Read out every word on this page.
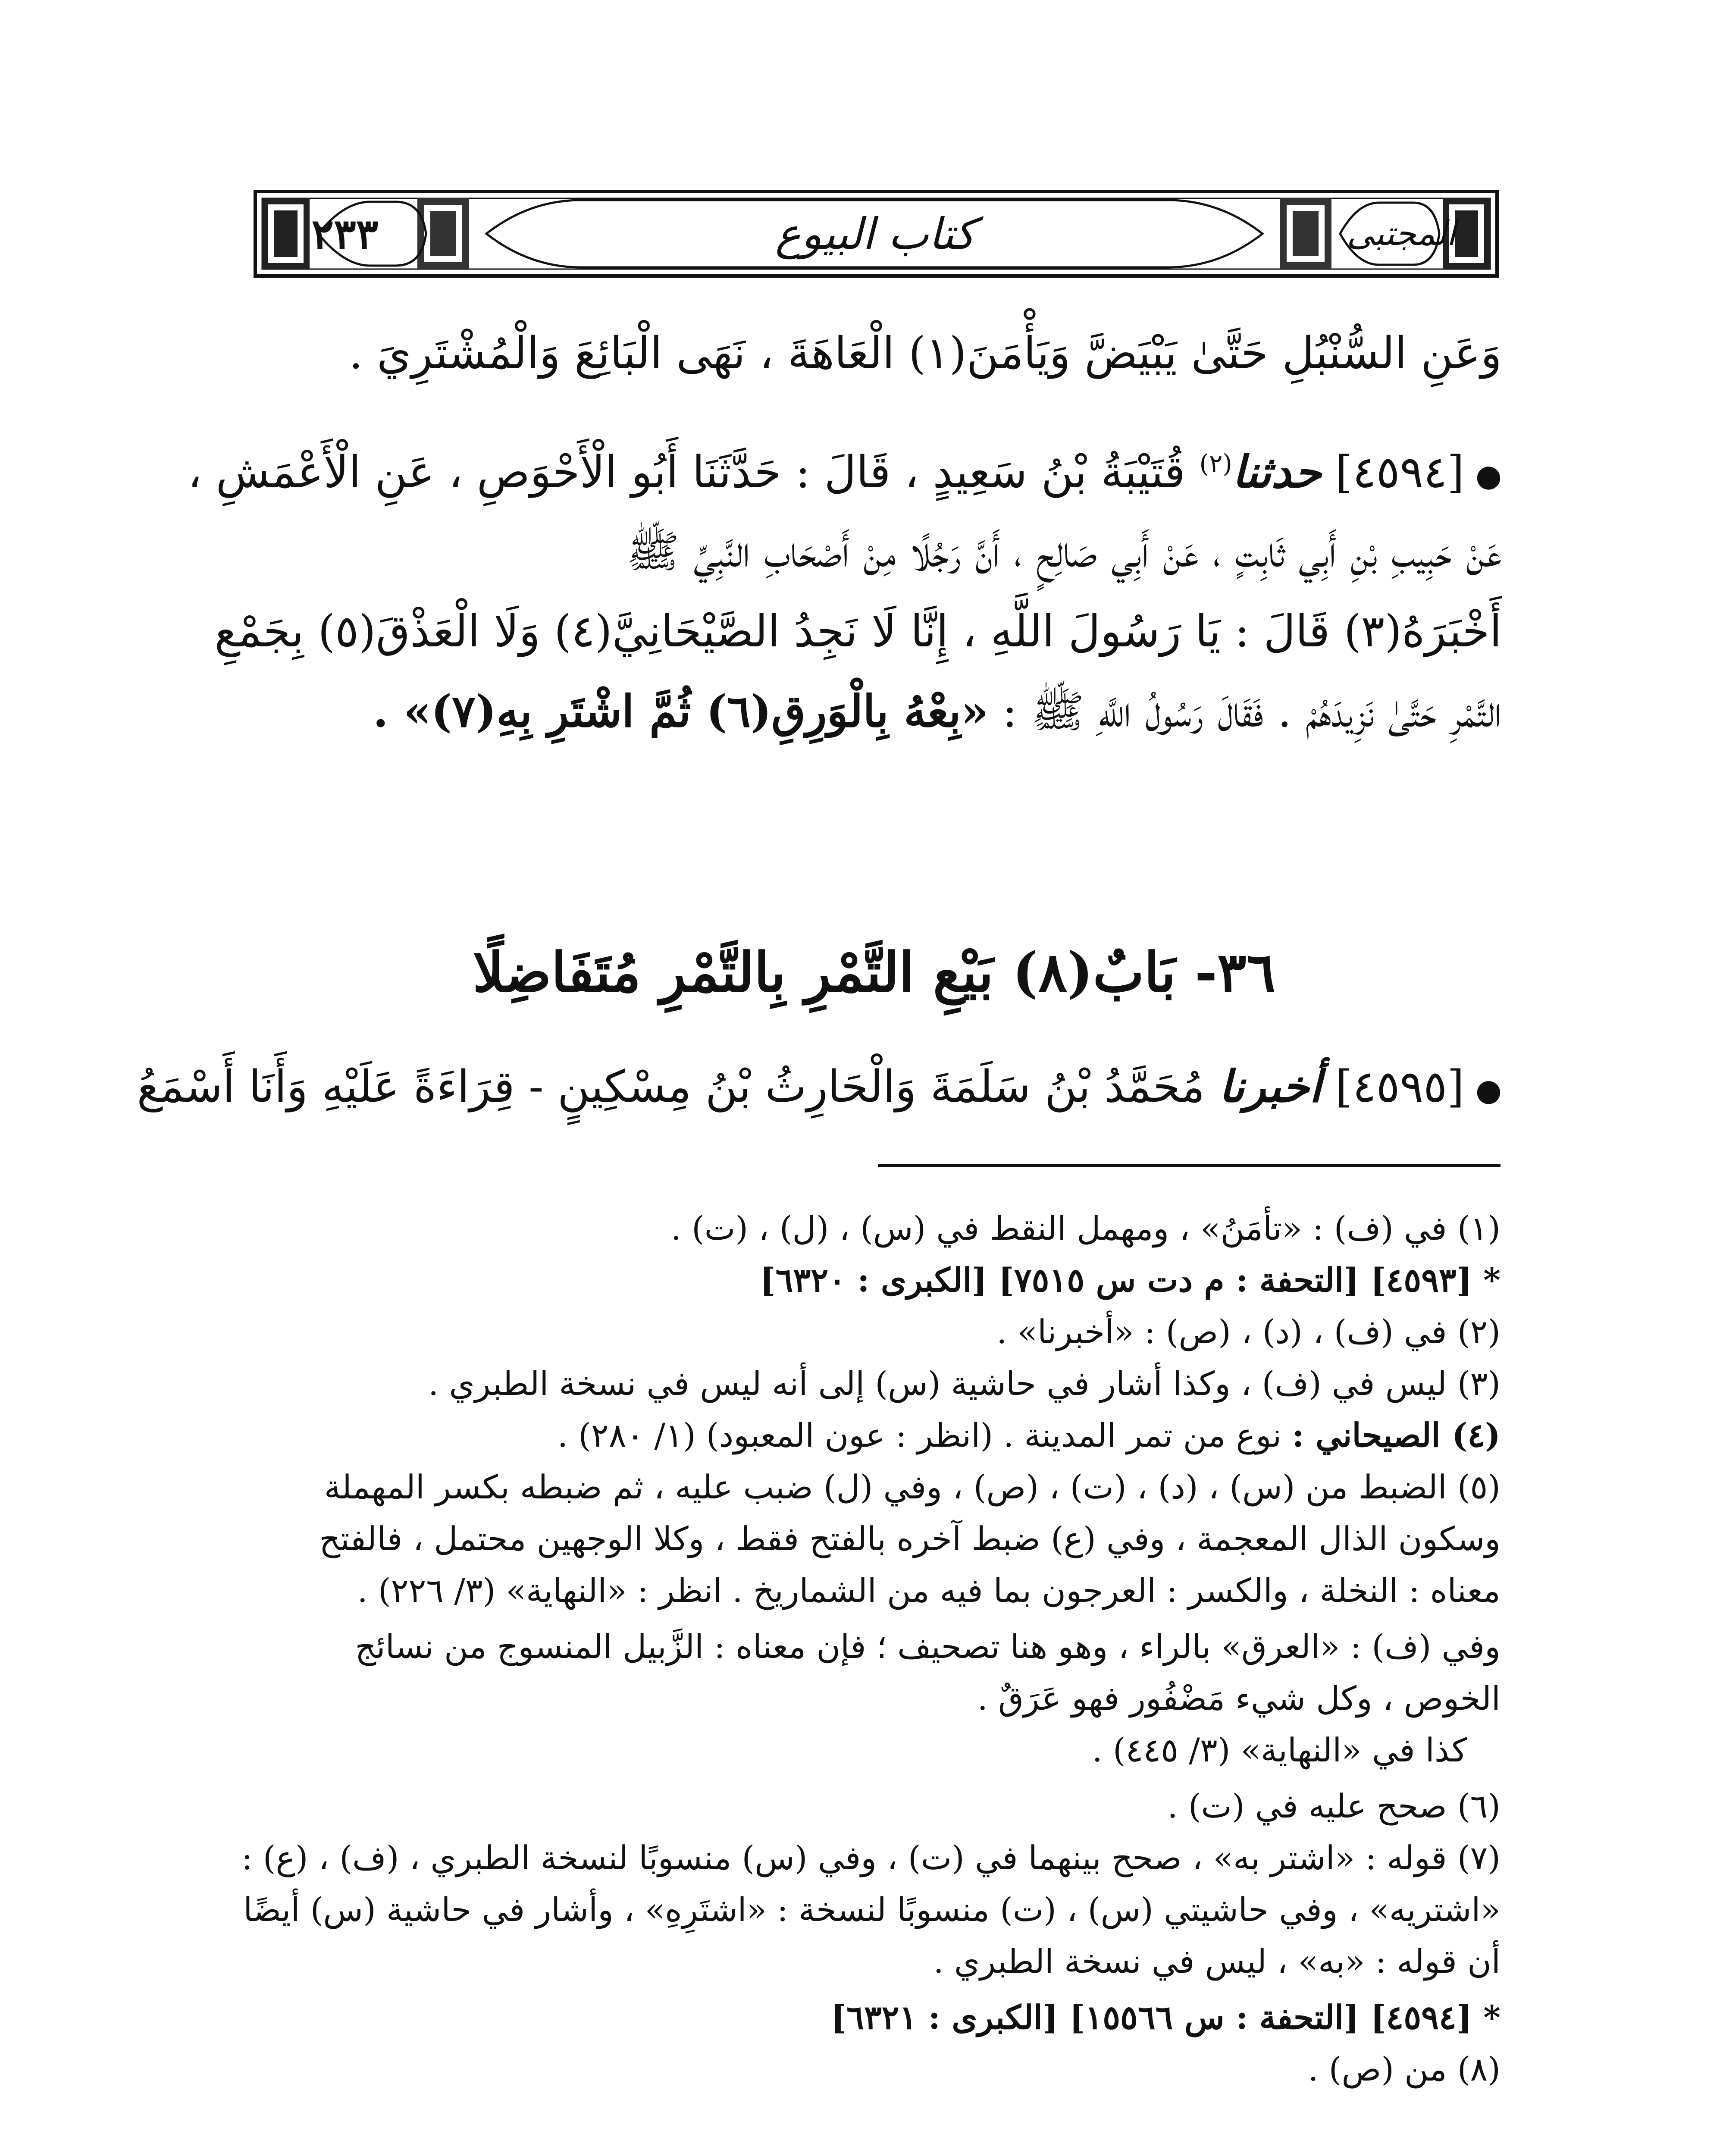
٢٣٣	كتاب البيوع	المجتبى
وَعَنِ السُّنْبُلِ حَتَّىٰ يَبْيَضَّ وَيَأْمَنَ(١) الْعَاهَةَ ، نَهَى الْبَائِعَ وَالْمُشْتَرِيَ .
●[٤٥٩٤] حدثنا$^{(٢)}$ قُتَيْبَةُ بْنُ سَعِيدٍ ، قَالَ : حَدَّثَنَا أَبُو الْأَحْوَصِ ، عَنِ الْأَعْمَشِ ،
عَنْ حَبِيبِ بْنِ أَبِي ثَابِتٍ ، عَنْ أَبِي صَالِحٍ ، أَنَّ رَجُلًا مِنْ أَصْحَابِ النَّبِيِّ ﷺ
أَخْبَرَهُ(٣) قَالَ : يَا رَسُولَ اللَّهِ ، إِنَّا لَا نَجِدُ الصَّيْحَانِيَّ(٤) وَلَا الْعَذْقَ(٥) بِجَمْعِ
التَّمْرِ حَتَّىٰ نَزِيدَهُمْ . فَقَالَ رَسُولُ اللَّهِ ﷺ : «بِعْهُ بِالْوَرِقِ(٦) ثُمَّ اشْتَرِ بِهِ(٧)» .
٣٦- بَابٌ(٨) بَيْعِ التَّمْرِ بِالتَّمْرِ مُتَفَاضِلًا
●[٤٥٩٥] أخبرنا مُحَمَّدُ بْنُ سَلَمَةَ وَالْحَارِثُ بْنُ مِسْكِينٍ - قِرَاءَةً عَلَيْهِ وَأَنَا أَسْمَعُ
(١) في (ف) : «تأمَنُ» ، ومهمل النقط في (س) ، (ل) ، (ت) .
* [٤٥٩٣] [التحفة : م دت س ٧٥١٥] [الكبرى : ٦٣٢٠]
(٢) في (ف) ، (د) ، (ص) : «أخبرنا» .
(٣) ليس في (ف) ، وكذا أشار في حاشية (س) إلى أنه ليس في نسخة الطبري .
(٤) الصيحاني : نوع من تمر المدينة . (انظر : عون المعبود) (١/ ٢٨٠) .
(٥) الضبط من (س) ، (د) ، (ت) ، (ص) ، وفي (ل) ضبب عليه ، ثم ضبطه بكسر المهملة
وسكون الذال المعجمة ، وفي (ع) ضبط آخره بالفتح فقط ، وكلا الوجهين محتمل ، فالفتح
معناه : النخلة ، والكسر : العرجون بما فيه من الشماريخ . انظر : «النهاية» (٣/ ٢٢٦) .
وفي (ف) : «العرق» بالراء ، وهو هنا تصحيف ؛ فإن معناه : الزَّبيل المنسوج من نسائج
الخوص ، وكل شيء مَضْفُور فهو عَرَقٌ .
كذا في «النهاية» (٣/ ٤٤٥) .
(٦) صحح عليه في (ت) .
(٧) قوله : «اشتر به» ، صحح بينهما في (ت) ، وفي (س) منسوبًا لنسخة الطبري ، (ف) ، (ع) :
«اشتريه» ، وفي حاشيتي (س) ، (ت) منسوبًا لنسخة : «اشتَرِهِ» ، وأشار في حاشية (س) أيضًا
أن قوله : «به» ، ليس في نسخة الطبري .
* [٤٥٩٤] [التحفة : س ١٥٥٦٦] [الكبرى : ٦٣٢١]
(٨) من (ص) .
